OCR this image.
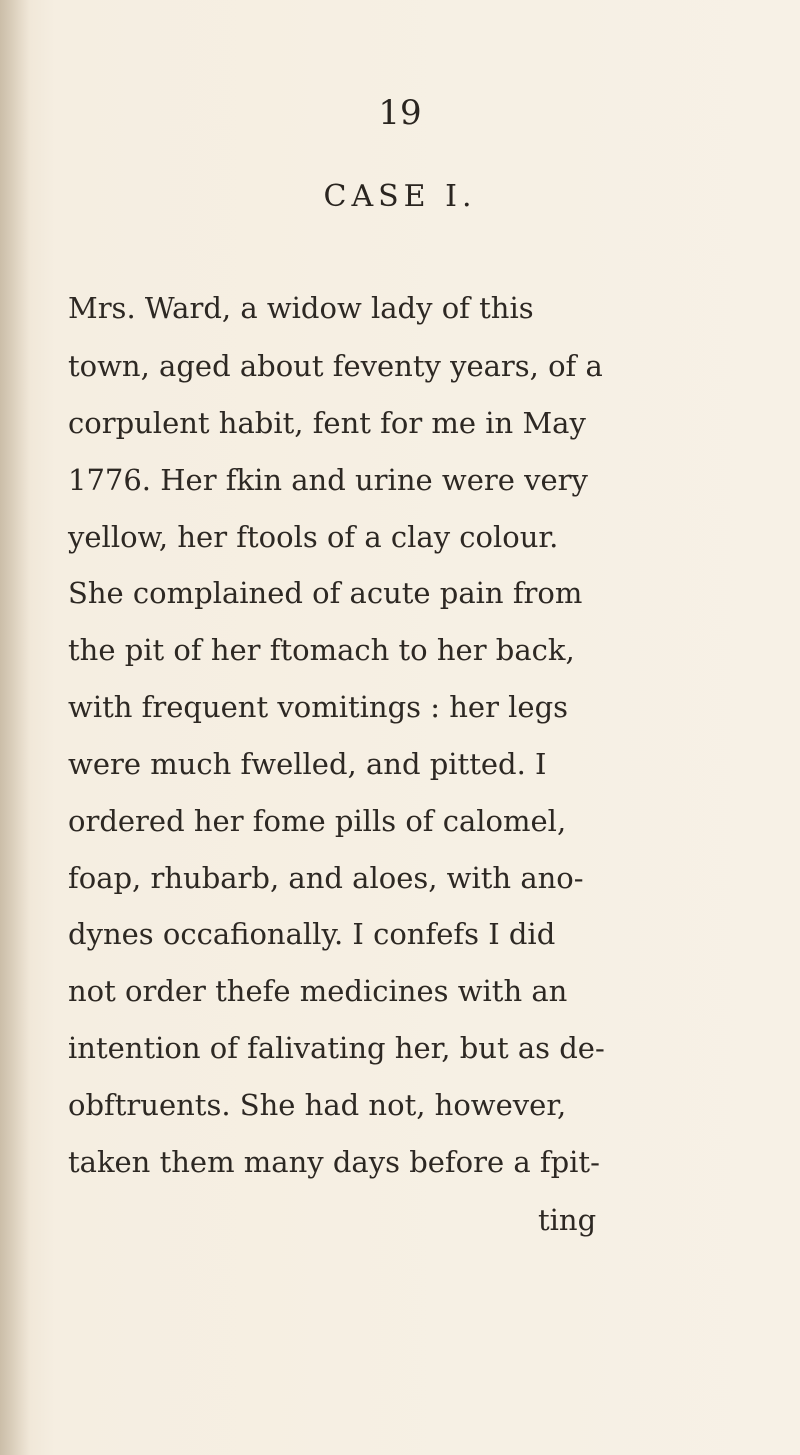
19
CASE I.
Mrs. Ward, a widow lady of this
town, aged about feventy years, of a
corpulent habit, fent for me in May
1776. Her fkin and urine were very
yellow, her ftools of a clay colour.
She complained of acute pain from
the pit of her ftomach to her back,
with frequent vomitings : her legs
were much fwelled, and pitted. I
ordered her fome pills of calomel,
foap, rhubarb, and aloes, with ano-
dynes occafionally. I confefs I did
not order thefe medicines with an
intention of falivating her, but as de-
obftruents. She had not, however,
taken them many days before a fpit-
ting
